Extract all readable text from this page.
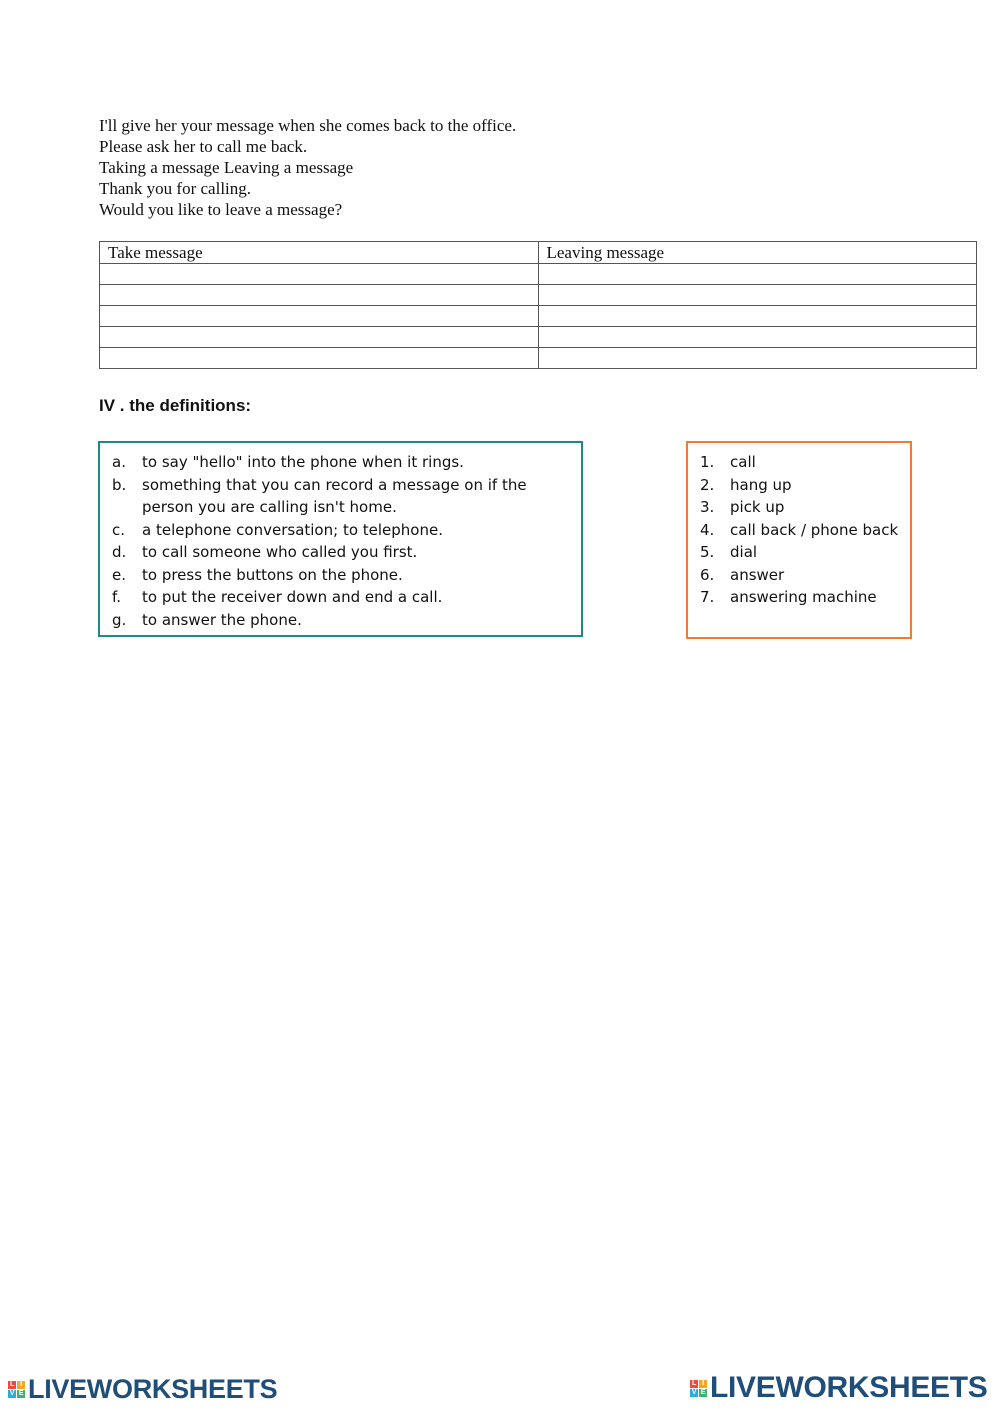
I'll give her your message when she comes back to the office.
Please ask her to call me back.
Taking a message Leaving a message
Thank you for calling.
Would you like to leave a message?
Take message	Leaving message

IV . the definitions:
a.	to say "hello" into the phone when it rings.
b.	something that you can record a message on if the person you are calling isn't home.
c.	a telephone conversation; to telephone.
d.	to call someone who called you first.
e.	to press the buttons on the phone.
f.	to put the receiver down and end a call.
g.	to answer the phone.
1.	call
2.	hang up
3.	pick up
4.	call back / phone back
5.	dial
6.	answer
7.	answering machine
L I
V E LIVEWORKSHEETS	L I
V E LIVEWORKSHEETS
